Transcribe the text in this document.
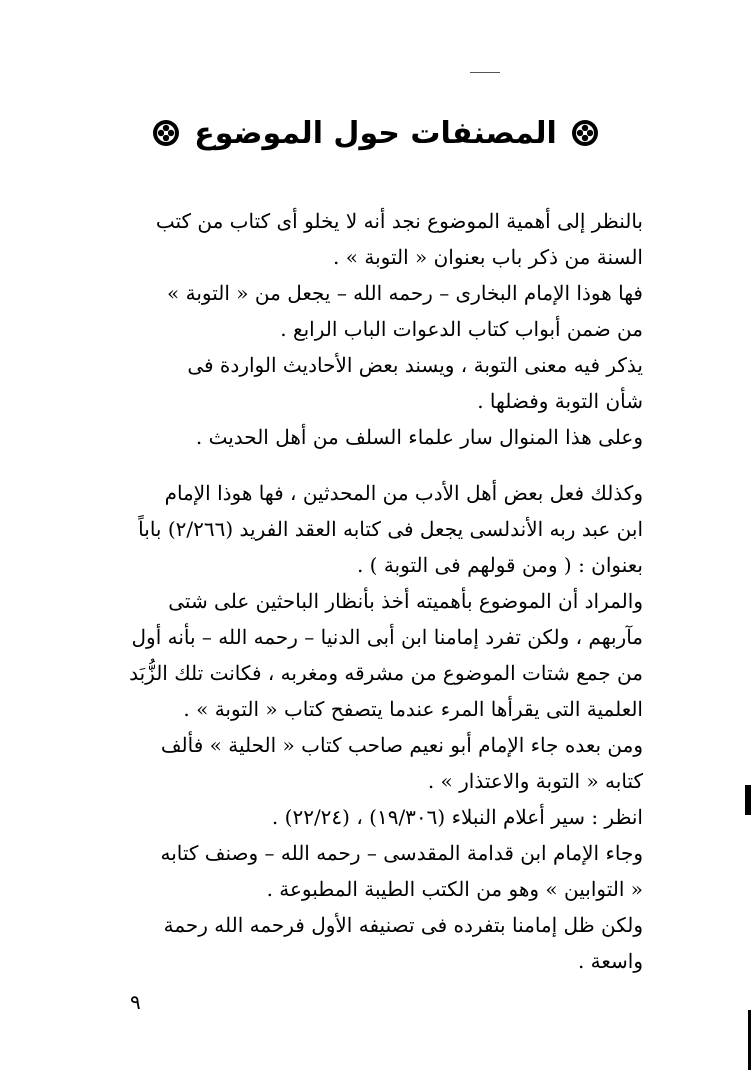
المصنفات حول الموضوع
بالنظر إلى أهمية الموضوع نجد أنه لا يخلو أى كتاب من كتب
السنة من ذكر باب بعنوان « التوبة » .
فها هوذا الإمام البخارى – رحمه الله – يجعل من « التوبة »
من ضمن أبواب كتاب الدعوات الباب الرابع .
يذكر فيه معنى التوبة ، ويسند بعض الأحاديث الواردة فى
شأن التوبة وفضلها .
وعلى هذا المنوال سار علماء السلف من أهل الحديث .
وكذلك فعل بعض أهل الأدب من المحدثين ، فها هوذا الإمام
ابن عبد ربه الأندلسى يجعل فى كتابه العقد الفريد (٢/٢٦٦) باباً
بعنوان : ( ومن قولهم فى التوبة ) .
والمراد أن الموضوع بأهميته أخذ بأنظار الباحثين على شتى
مآربهم ، ولكن تفرد إمامنا ابن أبى الدنيا – رحمه الله – بأنه أول
من جمع شتات الموضوع من مشرقه ومغربه ، فكانت تلك الزُّبَد
العلمية التى يقرأها المرء عندما يتصفح كتاب « التوبة » .
ومن بعده جاء الإمام أبو نعيم صاحب كتاب « الحلية » فألف
كتابه « التوبة والاعتذار » .
انظر : سير أعلام النبلاء (١٩/٣٠٦) ، (٢٢/٢٤) .
وجاء الإمام ابن قدامة المقدسى – رحمه الله – وصنف كتابه
« التوابين » وهو من الكتب الطيبة المطبوعة .
ولكن ظل إمامنا بتفرده فى تصنيفه الأول فرحمه الله رحمة
واسعة .
٩
